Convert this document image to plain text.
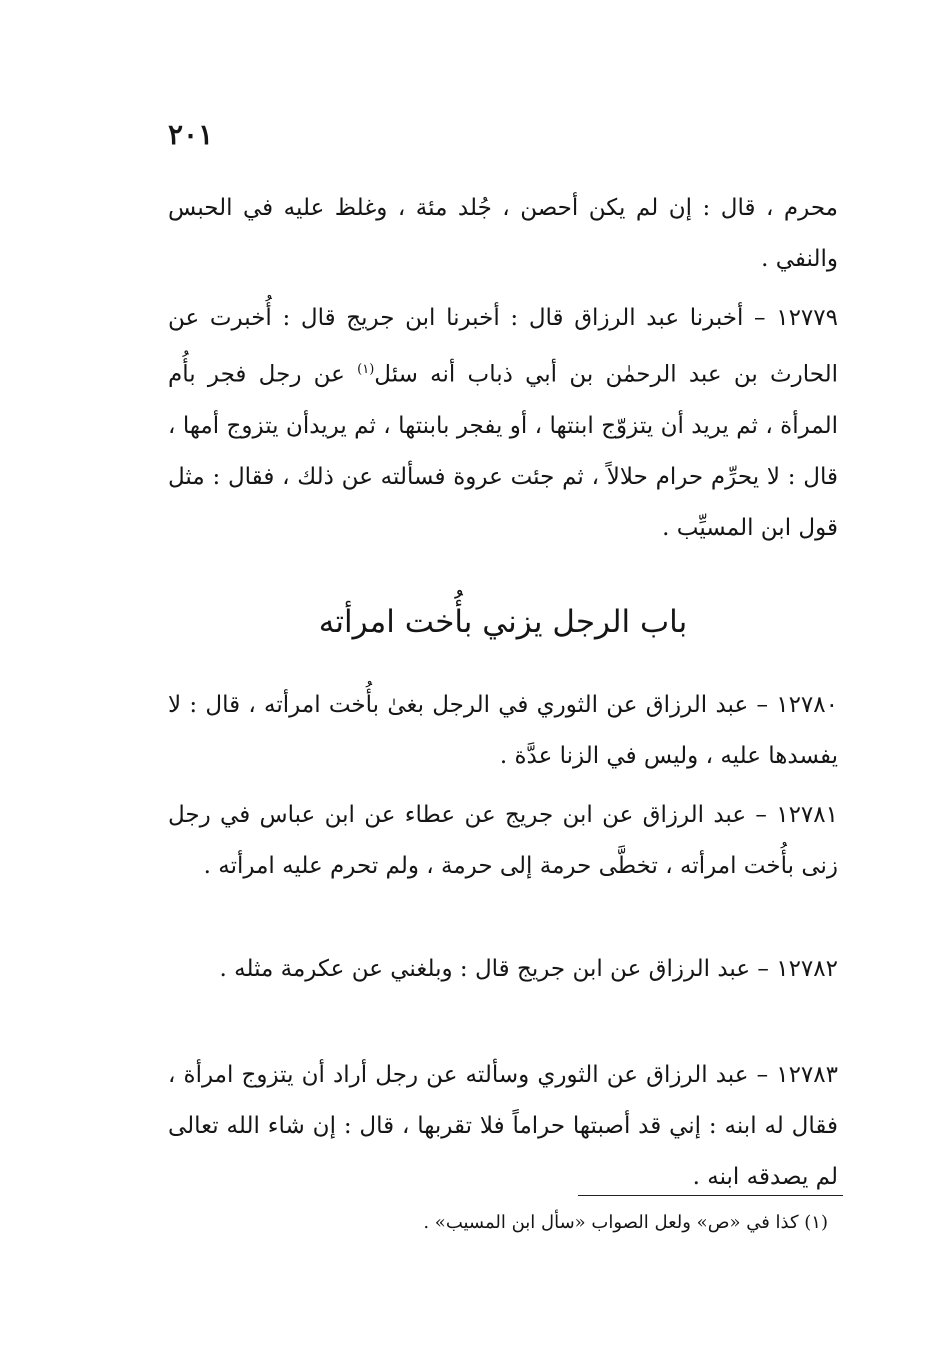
٢٠١

محرم ، قال : إن لم يكن أحصن ، جُلد مئة ، وغلظ عليه في الحبس والنفي .

١٢٧٧٩ – أخبرنا عبد الرزاق قال : أخبرنا ابن جريج قال : أُخبرت عن الحارث بن عبد الرحمٰن بن أبي ذباب أنه سئل$^{(١)}$ عن رجل فجر بأُم المرأة ، ثم يريد أن يتزوّج ابنتها ، أو يفجر بابنتها ، ثم يريدأن يتزوج أمها ، قال : لا يحرِّم حرام حلالاً ، ثم جئت عروة فسألته عن ذلك ، فقال : مثل قول ابن المسيِّب .

باب الرجل يزني بأُخت امرأته

١٢٧٨٠ – عبد الرزاق عن الثوري في الرجل بغىٰ بأُخت امرأته ، قال : لا يفسدها عليه ، وليس في الزنا عدَّة .

١٢٧٨١ – عبد الرزاق عن ابن جريج عن عطاء عن ابن عباس في رجل زنى بأُخت امرأته ، تخطَّى حرمة إلى حرمة ، ولم تحرم عليه امرأته .

١٢٧٨٢ – عبد الرزاق عن ابن جريج قال : وبلغني عن عكرمة مثله .

١٢٧٨٣ – عبد الرزاق عن الثوري وسألته عن رجل أراد أن يتزوج امرأة ، فقال له ابنه : إني قد أصبتها حراماً فلا تقربها ، قال : إن شاء الله تعالى لم يصدقه ابنه .

(١) كذا في «ص» ولعل الصواب «سأل ابن المسيب» .
